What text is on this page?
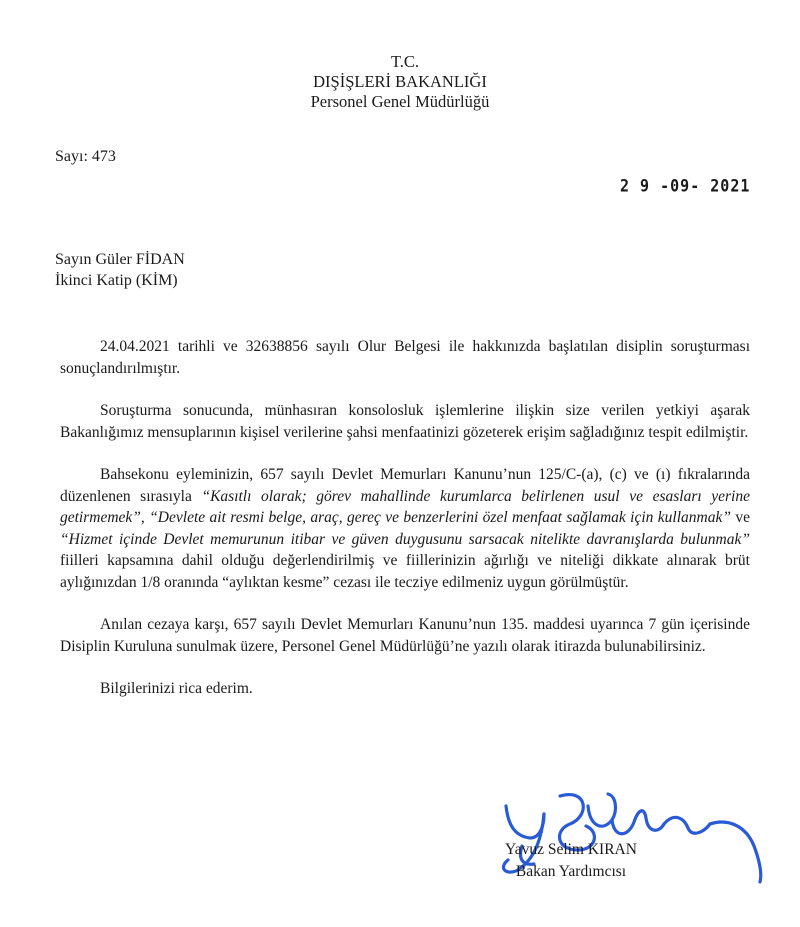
T.C.
DIŞİŞLERİ BAKANLIĞI
Personel Genel Müdürlüğü
Sayı: 473
2 9 -09- 2021
Sayın Güler FİDAN
İkinci Katip (KİM)

24.04.2021 tarihli ve 32638856 sayılı Olur Belgesi ile hakkınızda başlatılan disiplin soruşturması sonuçlandırılmıştır.

Soruşturma sonucunda, münhasıran konsolosluk işlemlerine ilişkin size verilen yetkiyi aşarak Bakanlığımız mensuplarının kişisel verilerine şahsi menfaatinizi gözeterek erişim sağladığınız tespit edilmiştir.

Bahsekonu eyleminizin, 657 sayılı Devlet Memurları Kanunu’nun 125/C-(a), (c) ve (ı) fıkralarında düzenlenen sırasıyla “Kasıtlı olarak; görev mahallinde kurumlarca belirlenen usul ve esasları yerine getirmemek”, “Devlete ait resmi belge, araç, gereç ve benzerlerini özel menfaat sağlamak için kullanmak” ve “Hizmet içinde Devlet memurunun itibar ve güven duygusunu sarsacak nitelikte davranışlarda bulunmak” fiilleri kapsamına dahil olduğu değerlendirilmiş ve fiillerinizin ağırlığı ve niteliği dikkate alınarak brüt aylığınızdan 1/8 oranında “aylıktan kesme” cezası ile tecziye edilmeniz uygun görülmüştür.

Anılan cezaya karşı, 657 sayılı Devlet Memurları Kanunu’nun 135. maddesi uyarınca 7 gün içerisinde Disiplin Kuruluna sunulmak üzere, Personel Genel Müdürlüğü’ne yazılı olarak itirazda bulunabilirsiniz.

Bilgilerinizi rica ederim.

Yavuz Selim KIRAN
Bakan Yardımcısı
